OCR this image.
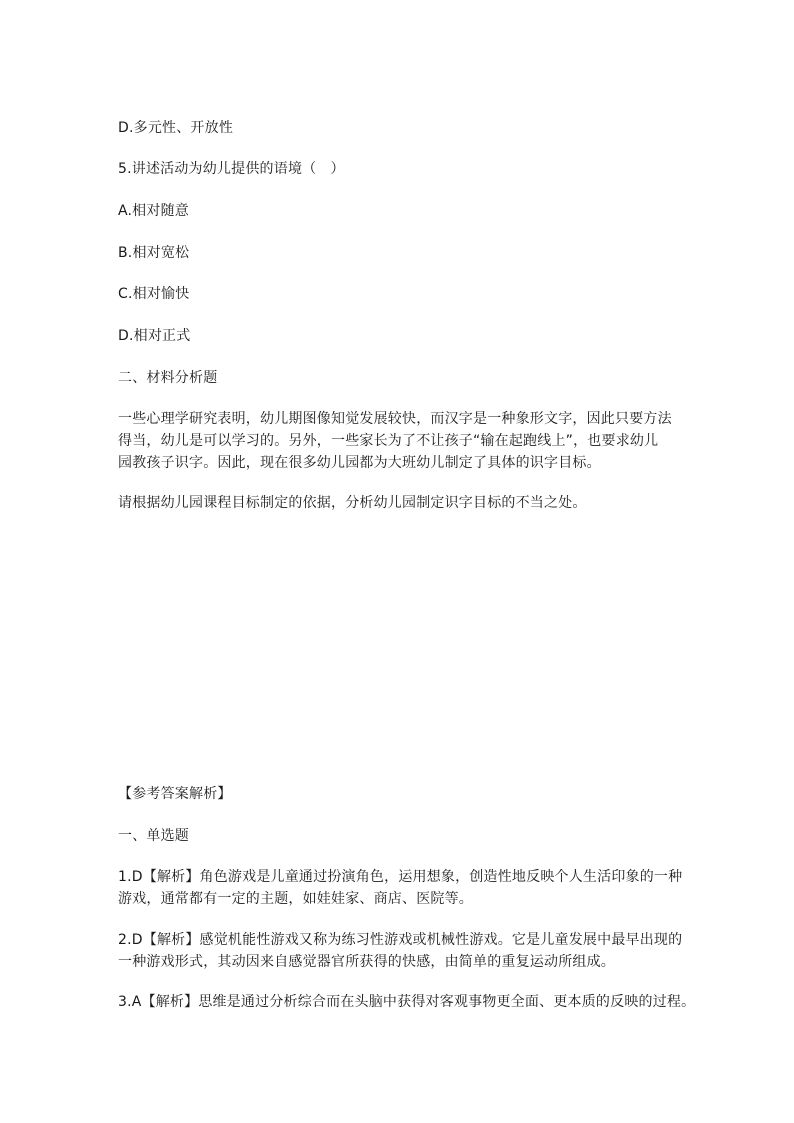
D.多元性、开放性
5.讲述活动为幼儿提供的语境（　）
A.相对随意
B.相对宽松
C.相对愉快
D.相对正式
二、材料分析题
一些心理学研究表明，幼儿期图像知觉发展较快，而汉字是一种象形文字，因此只要方法
得当，幼儿是可以学习的。另外，一些家长为了不让孩子“输在起跑线上”，也要求幼儿
园教孩子识字。因此，现在很多幼儿园都为大班幼儿制定了具体的识字目标。
请根据幼儿园课程目标制定的依据，分析幼儿园制定识字目标的不当之处。
【参考答案解析】
一、单选题
1.D【解析】角色游戏是儿童通过扮演角色，运用想象，创造性地反映个人生活印象的一种
游戏，通常都有一定的主题，如娃娃家、商店、医院等。
2.D【解析】感觉机能性游戏又称为练习性游戏或机械性游戏。它是儿童发展中最早出现的
一种游戏形式，其动因来自感觉器官所获得的快感，由简单的重复运动所组成。
3.A【解析】思维是通过分析综合而在头脑中获得对客观事物更全面、更本质的反映的过程。
